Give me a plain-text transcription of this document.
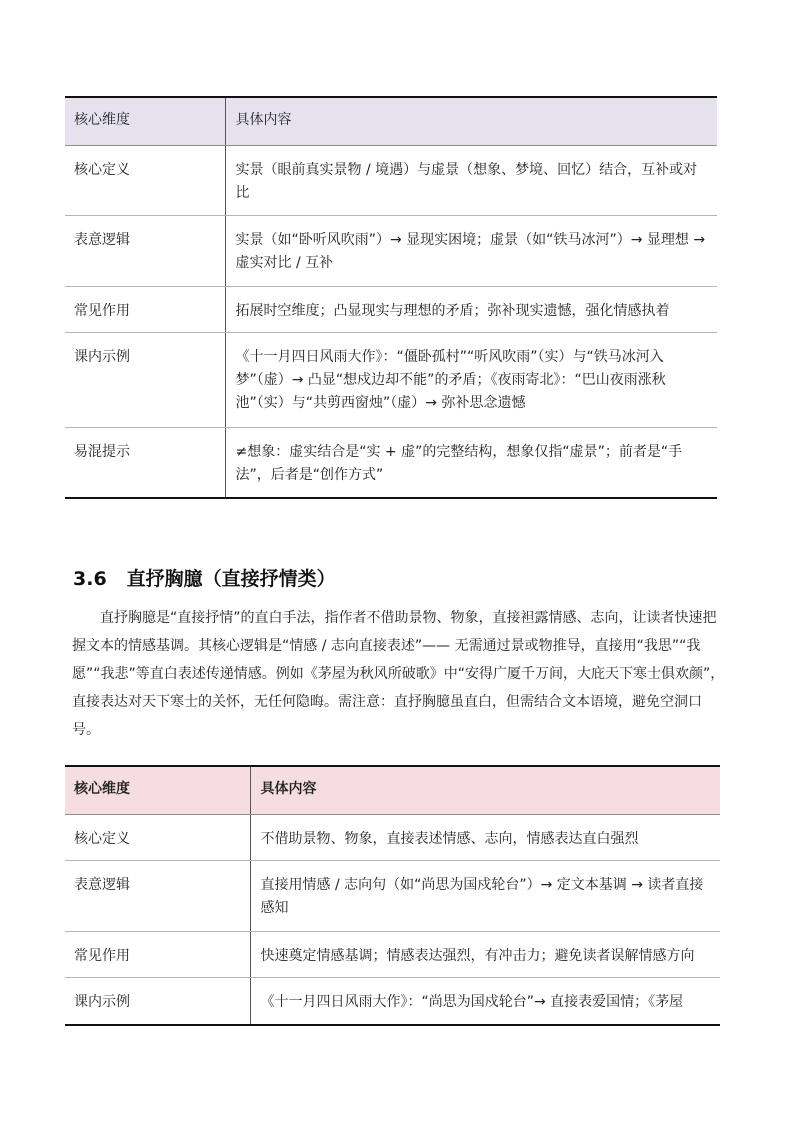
核心维度	具体内容
核心定义	实景（眼前真实景物 / 境遇）与虚景（想象、梦境、回忆）结合，互补或对比
表意逻辑	实景（如“卧听风吹雨”）→ 显现实困境；虚景（如“铁马冰河”）→ 显理想 → 虚实对比 / 互补
常见作用	拓展时空维度；凸显现实与理想的矛盾；弥补现实遗憾，强化情感执着
课内示例	《十一月四日风雨大作》：“僵卧孤村”“听风吹雨”（实）与“铁马冰河入梦”（虚）→ 凸显“想戍边却不能”的矛盾；《夜雨寄北》：“巴山夜雨涨秋池”（实）与“共剪西窗烛”（虚）→ 弥补思念遗憾
易混提示	≠想象：虚实结合是“实 + 虚”的完整结构，想象仅指“虚景”；前者是“手法”，后者是“创作方式”
3.6 直抒胸臆（直接抒情类）

直抒胸臆是“直接抒情”的直白手法，指作者不借助景物、物象，直接袒露情感、志向，让读者快速把握文本的情感基调。其核心逻辑是“情感 / 志向直接表述”—— 无需通过景或物推导，直接用“我思”“我愿”“我悲”等直白表述传递情感。例如《茅屋为秋风所破歌》中“安得广厦千万间，大庇天下寒士俱欢颜”，直接表达对天下寒士的关怀，无任何隐晦。需注意：直抒胸臆虽直白，但需结合文本语境，避免空洞口号。

核心维度	具体内容
核心定义	不借助景物、物象，直接表述情感、志向，情感表达直白强烈
表意逻辑	直接用情感 / 志向句（如“尚思为国戍轮台”）→ 定文本基调 → 读者直接感知
常见作用	快速奠定情感基调；情感表达强烈，有冲击力；避免读者误解情感方向
课内示例	《十一月四日风雨大作》：“尚思为国戍轮台”→ 直接表爱国情；《茅屋
